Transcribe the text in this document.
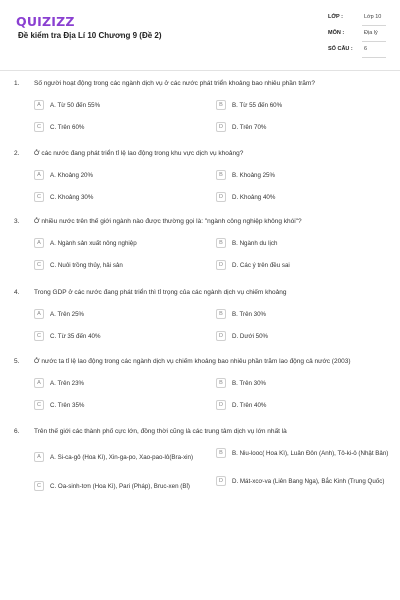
QUIZIZZ
Đề kiểm tra Địa Lí 10 Chương 9 (Đề 2)
LỚP :	Lớp 10
MÔN :	Địa lý
SỐ CÂU : 6
1. Số người hoạt động trong các ngành dịch vụ ở các nước phát triển khoảng bao nhiêu phần trăm?
A	A. Từ 50 đến 55%	B	B. Từ 55 đến 60%
C	C. Trên 60%	D	D. Trên 70%
2. Ở các nước đang phát triển tỉ lệ lao động trong khu vực dịch vụ khoảng?
A	A. Khoảng 20%	B	B. Khoảng 25%
C	C. Khoảng 30%	D	D. Khoảng 40%
3. Ở nhiều nước trên thế giới ngành nào được thường gọi là: "ngành công nghiệp không khói"?
A	A. Ngành sản xuất nông nghiệp	B	B. Ngành du lịch
C	C. Nuôi trồng thủy, hải sản	D	D. Các ý trên đều sai
4. Trong GDP ở các nước đang phát triển thì tỉ trọng của các ngành dịch vụ chiếm khoảng
A	A. Trên 25%	B	B. Trên 30%
C	C. Từ 35 đến 40%	D	D. Dưới 50%
5. Ở nước ta tỉ lệ lao động trong các ngành dịch vụ chiếm khoảng bao nhiêu phần trăm lao động cả nước (2003)
A	A. Trên 23%	B	B. Trên 30%
C	C. Trên 35%	D	D. Trên 40%
6. Trên thế giới các thành phố cực lớn, đồng thời cũng là các trung tâm dịch vụ lớn nhất là
A	A. Si-ca-gô (Hoa Kì), Xin-ga-po, Xao-pao-lô(Bra-xin)
B	B. Niu-looc( Hoa Kì), Luân Đôn (Anh), Tô-ki-ô (Nhật Bản)
C	C. Oa-sinh-tơn (Hoa Kì), Pari (Pháp), Bruc-xen (Bỉ)
D	D. Mát-xcơ-va (Liên Bang Nga), Bắc Kinh (Trung Quốc)
